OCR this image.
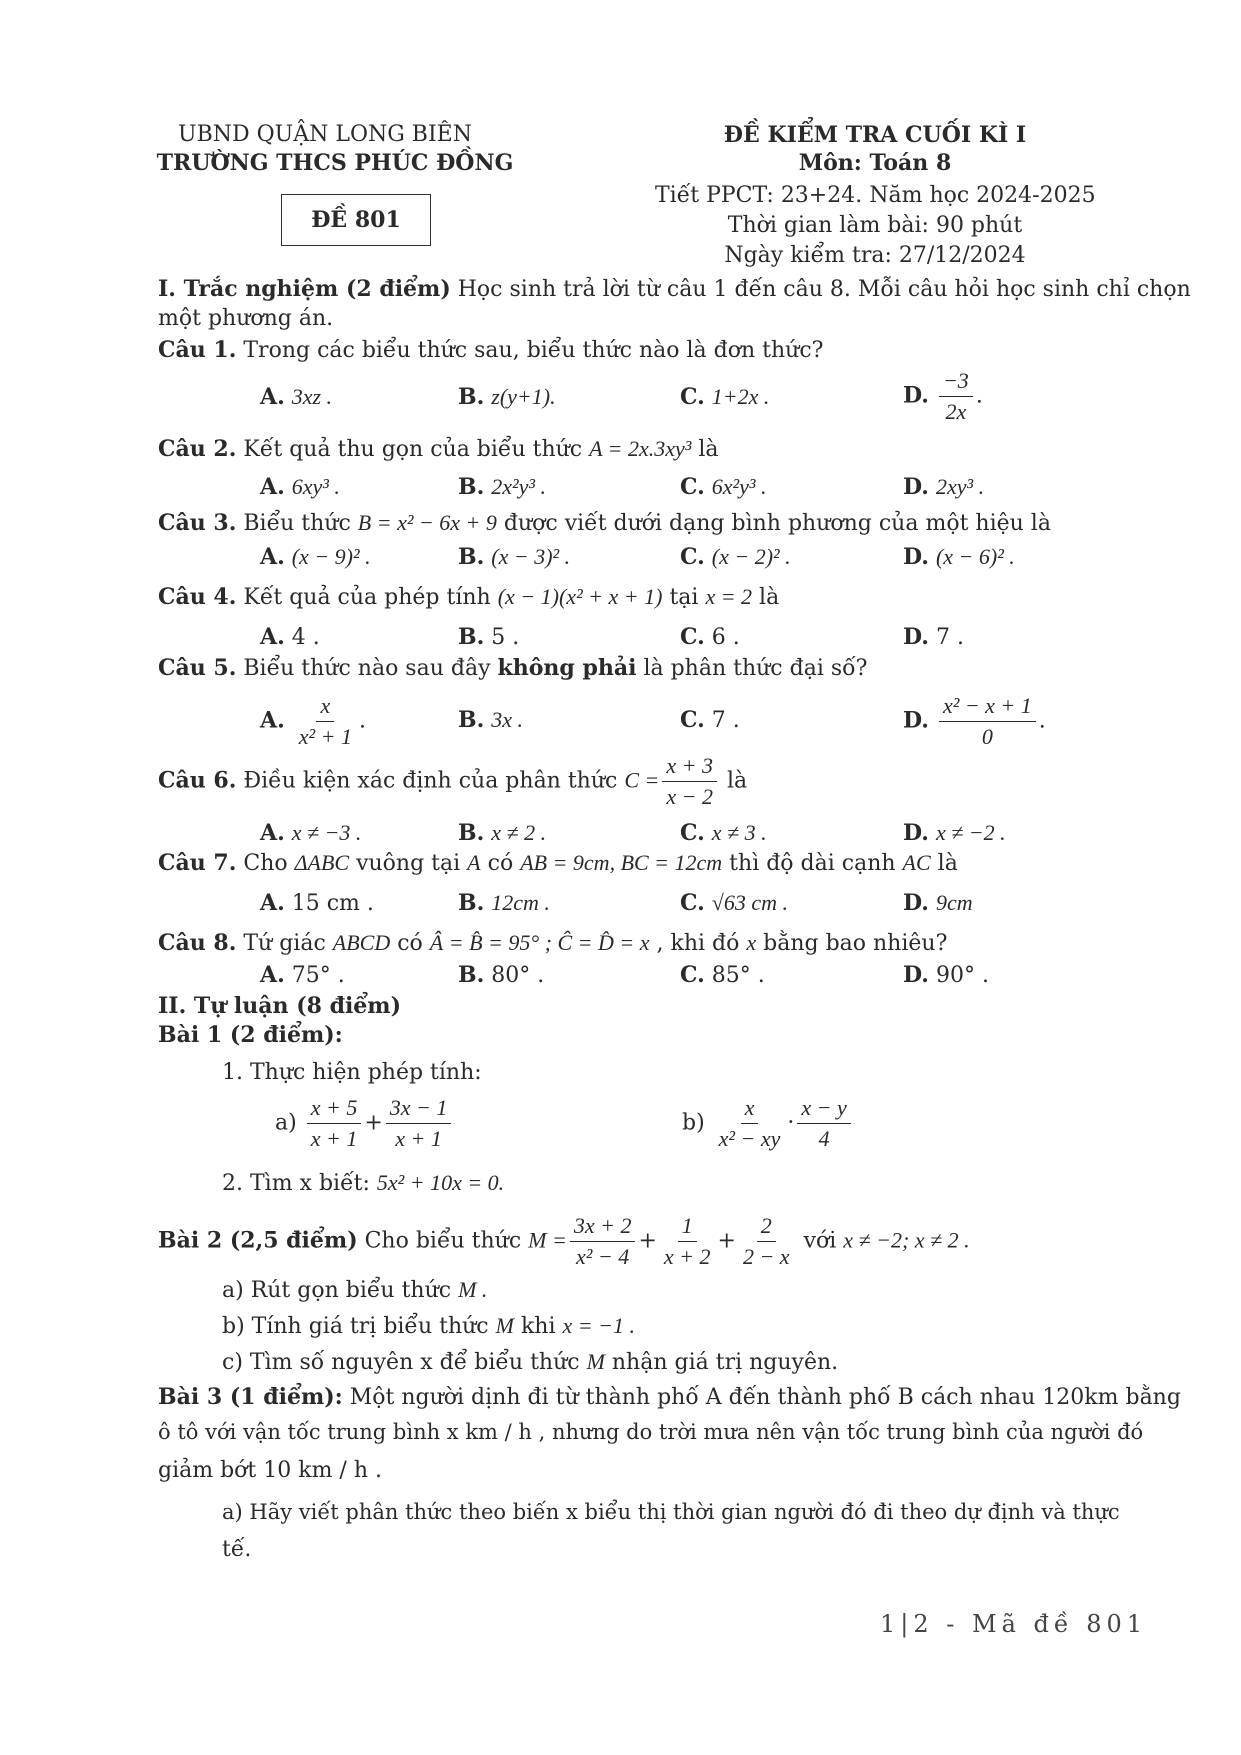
UBND QUẬN LONG BIÊN
TRƯỜNG THCS PHÚC ĐỒNG
ĐỀ 801
ĐỀ KIỂM TRA CUỐI KÌ I
Môn: Toán 8
Tiết PPCT: 23+24. Năm học 2024-2025
Thời gian làm bài: 90 phút
Ngày kiểm tra: 27/12/2024
I. Trắc nghiệm (2 điểm) Học sinh trả lời từ câu 1 đến câu 8. Mỗi câu hỏi học sinh chỉ chọn
một phương án.
Câu 1. Trong các biểu thức sau, biểu thức nào là đơn thức?
A. 3xz .	B. z(y+1).	C. 1+2x .	D. $\frac{-3}{2x}$ .
Câu 2. Kết quả thu gọn của biểu thức A = 2x.3xy³ là
A. 6xy³ .	B. 2x²y³ .	C. 6x²y³ .	D. 2xy³ .
Câu 3. Biểu thức B = x² − 6x + 9 được viết dưới dạng bình phương của một hiệu là
A. (x − 9)² .	B. (x − 3)² .	C. (x − 2)² .	D. (x − 6)² .
Câu 4. Kết quả của phép tính (x − 1)(x² + x + 1) tại x = 2 là
A. 4 .	B. 5 .	C. 6 .	D. 7 .
Câu 5. Biểu thức nào sau đây không phải là phân thức đại số?
A. $\frac{x}{\text{x² + 1}}$ .	B. 3x .	C. 7 .	D. $\frac{\text{x² − x + 1}}{0}$ .
Câu 6. Điều kiện xác định của phân thức $C = \frac{x + 3}{x - 2}$ là
A. x ≠ −3 .	B. x ≠ 2 .	C. x ≠ 3 .	D. x ≠ −2 .
Câu 7. Cho ΔABC vuông tại A có AB = 9cm, BC = 12cm thì độ dài cạnh AC là
A. 15 cm .	B. 12cm .	C. √63 cm .	D. 9cm
Câu 8. Tứ giác ABCD có Â = B̂ = 95° ; Ĉ = D̂ = x , khi đó x bằng bao nhiêu?
A. 75° .	B. 80° .	C. 85° .	D. 90° .
II. Tự luận (8 điểm)
Bài 1 (2 điểm):
1. Thực hiện phép tính:
$a) \frac{x + 5}{x + 1} + \frac{3x - 1}{x + 1}$	$b) \frac{x}{\text{x² − xy}} \cdot \frac{x - y}{4}$
2. Tìm x biết: 5x² + 10x = 0.
Bài 2 (2,5 điểm) Cho biểu thức $M = \frac{3x + 2}{\text{x² − 4}} + \frac{1}{x + 2} + \frac{2}{2 - x}$ với x ≠ −2; x ≠ 2 .
a) Rút gọn biểu thức M .
b) Tính giá trị biểu thức M khi x = −1 .
c) Tìm số nguyên x để biểu thức M nhận giá trị nguyên.
Bài 3 (1 điểm): Một người dịnh đi từ thành phố A đến thành phố B cách nhau 120km bằng
ô tô với vận tốc trung bình x km / h , nhưng do trời mưa nên vận tốc trung bình của người đó
giảm bớt 10 km / h .
a) Hãy viết phân thức theo biến x biểu thị thời gian người đó đi theo dự định và thực
tế.
1|2 - Mã đề 801
